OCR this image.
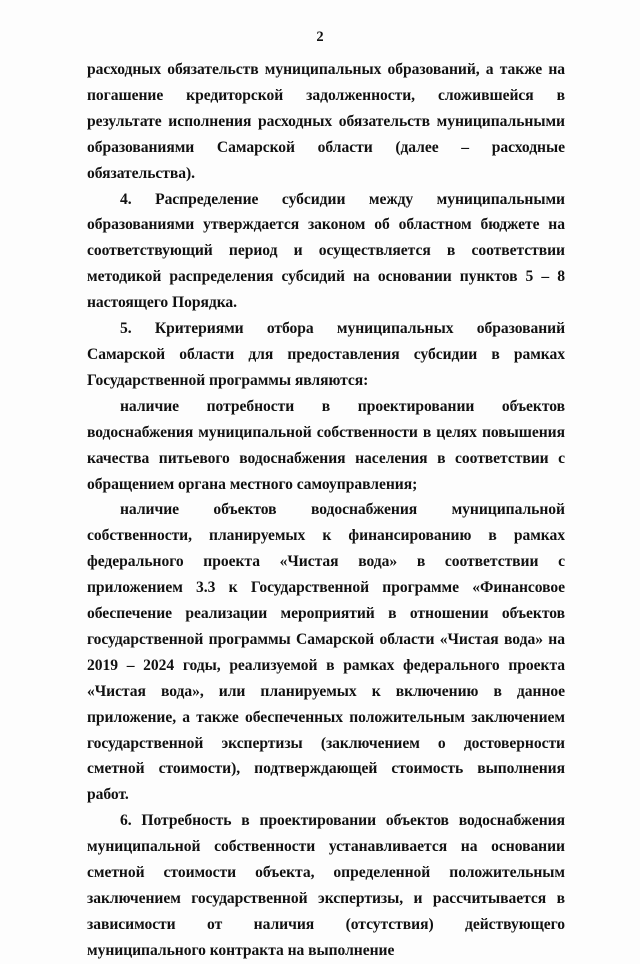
2

расходных обязательств муниципальных образований, а также на погашение кредиторской задолженности, сложившейся в результате исполнения расходных обязательств муниципальными образованиями Самарской области (далее – расходные обязательства).

4. Распределение субсидии между муниципальными образованиями утверждается законом об областном бюджете на соответствующий период и осуществляется в соответствии методикой распределения субсидий на основании пунктов 5 – 8 настоящего Порядка.

5. Критериями отбора муниципальных образований Самарской области для предоставления субсидии в рамках Государственной программы являются:

наличие потребности в проектировании объектов водоснабжения муниципальной собственности в целях повышения качества питьевого водоснабжения населения в соответствии с обращением органа местного самоуправления;

наличие объектов водоснабжения муниципальной собственности, планируемых к финансированию в рамках федерального проекта «Чистая вода» в соответствии с приложением 3.3 к Государственной программе «Финансовое обеспечение реализации мероприятий в отношении объектов государственной программы Самарской области «Чистая вода» на 2019 – 2024 годы, реализуемой в рамках федерального проекта «Чистая вода», или планируемых к включению в данное приложение, а также обеспеченных положительным заключением государственной экспертизы (заключением о достоверности сметной стоимости), подтверждающей стоимость выполнения работ.

6. Потребность в проектировании объектов водоснабжения муниципальной собственности устанавливается на основании сметной стоимости объекта, определенной положительным заключением государственной экспертизы, и рассчитывается в зависимости от наличия (отсутствия) действующего муниципального контракта на выполнение
